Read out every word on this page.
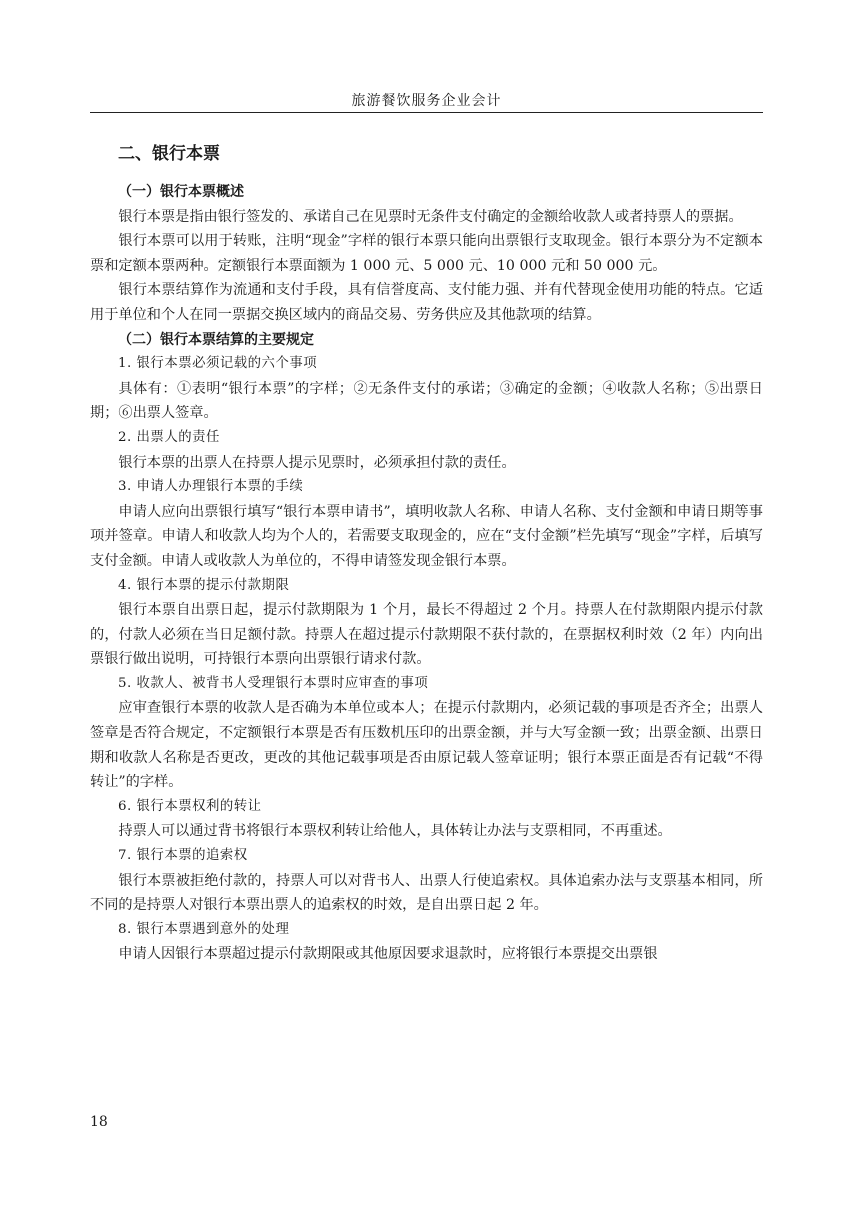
旅游餐饮服务企业会计
二、银行本票
（一）银行本票概述

银行本票是指由银行签发的、承诺自己在见票时无条件支付确定的金额给收款人或者持票人的票据。

银行本票可以用于转账，注明“现金”字样的银行本票只能向出票银行支取现金。银行本票分为不定额本票和定额本票两种。定额银行本票面额为 1 000 元、5 000 元、10 000 元和 50 000 元。

银行本票结算作为流通和支付手段，具有信誉度高、支付能力强、并有代替现金使用功能的特点。它适用于单位和个人在同一票据交换区域内的商品交易、劳务供应及其他款项的结算。

（二）银行本票结算的主要规定
1. 银行本票必须记载的六个事项

具体有：①表明“银行本票”的字样；②无条件支付的承诺；③确定的金额；④收款人名称；⑤出票日期；⑥出票人签章。

2. 出票人的责任

银行本票的出票人在持票人提示见票时，必须承担付款的责任。

3. 申请人办理银行本票的手续

申请人应向出票银行填写“银行本票申请书”，填明收款人名称、申请人名称、支付金额和申请日期等事项并签章。申请人和收款人均为个人的，若需要支取现金的，应在“支付金额”栏先填写“现金”字样，后填写支付金额。申请人或收款人为单位的，不得申请签发现金银行本票。

4. 银行本票的提示付款期限

银行本票自出票日起，提示付款期限为 1 个月，最长不得超过 2 个月。持票人在付款期限内提示付款的，付款人必须在当日足额付款。持票人在超过提示付款期限不获付款的，在票据权利时效（2 年）内向出票银行做出说明，可持银行本票向出票银行请求付款。

5. 收款人、被背书人受理银行本票时应审查的事项

应审查银行本票的收款人是否确为本单位或本人；在提示付款期内，必须记载的事项是否齐全；出票人签章是否符合规定，不定额银行本票是否有压数机压印的出票金额，并与大写金额一致；出票金额、出票日期和收款人名称是否更改，更改的其他记载事项是否由原记载人签章证明；银行本票正面是否有记载“不得转让”的字样。

6. 银行本票权利的转让

持票人可以通过背书将银行本票权利转让给他人，具体转让办法与支票相同，不再重述。

7. 银行本票的追索权

银行本票被拒绝付款的，持票人可以对背书人、出票人行使追索权。具体追索办法与支票基本相同，所不同的是持票人对银行本票出票人的追索权的时效，是自出票日起 2 年。

8. 银行本票遇到意外的处理

申请人因银行本票超过提示付款期限或其他原因要求退款时，应将银行本票提交出票银

18
